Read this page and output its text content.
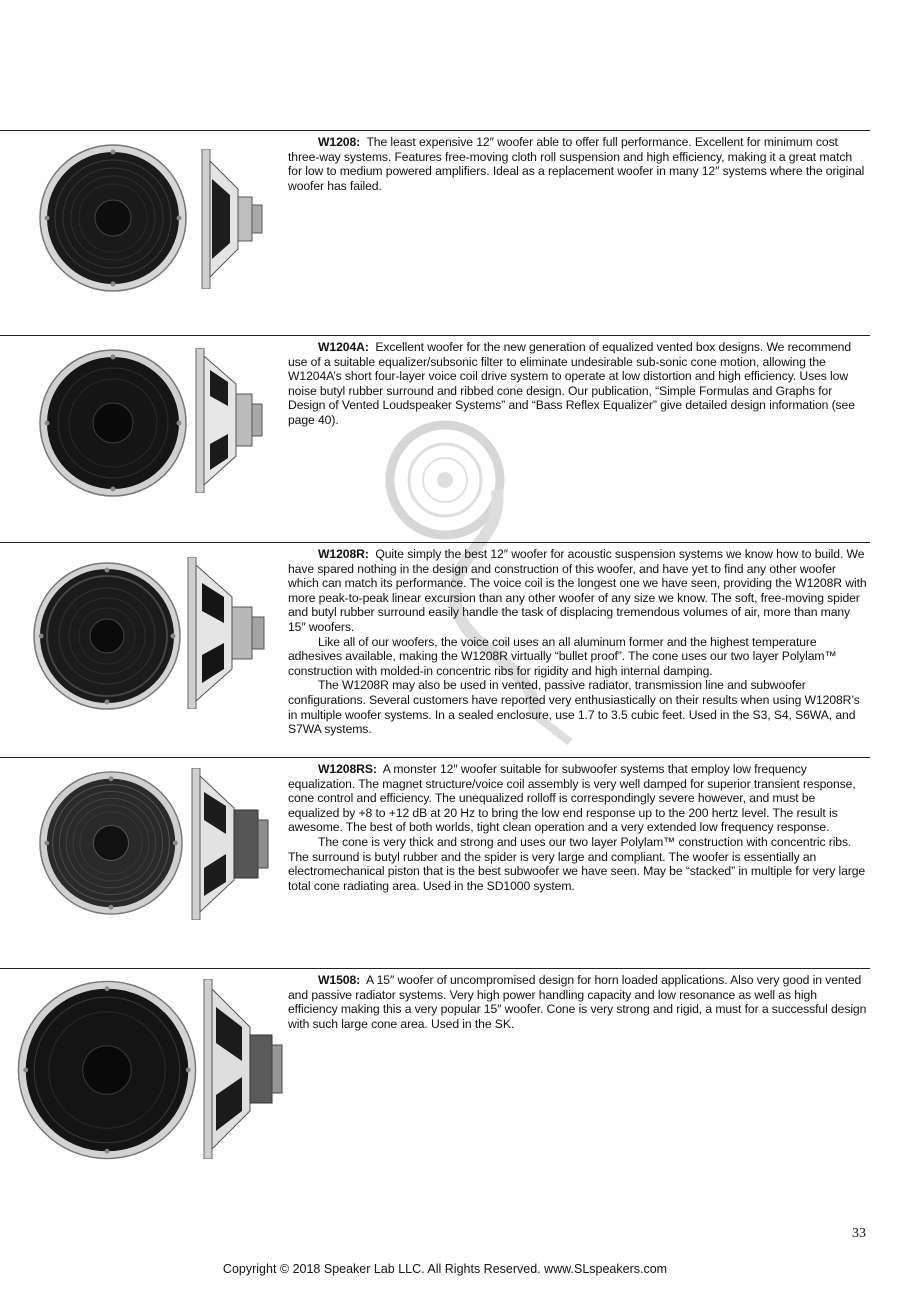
W1208: The least expensive 12″ woofer able to offer full performance. Excellent for minimum cost three-way systems. Features free-moving cloth roll suspension and high efficiency, making it a great match for low to medium powered amplifiers. Ideal as a replacement woofer in many 12″ systems where the original woofer has failed.

W1204A: Excellent woofer for the new generation of equalized vented box designs. We recommend use of a suitable equalizer/subsonic filter to eliminate undesirable sub-sonic cone motion, allowing the W1204A’s short four-layer voice coil drive system to operate at low distortion and high efficiency. Uses low noise butyl rubber surround and ribbed cone design. Our publication, “Simple Formulas and Graphs for Design of Vented Loudspeaker Systems” and “Bass Reflex Equalizer” give detailed design information (see page 40).

W1208R: Quite simply the best 12″ woofer for acoustic suspension systems we know how to build. We have spared nothing in the design and construction of this woofer, and have yet to find any other woofer which can match its performance. The voice coil is the longest one we have seen, providing the W1208R with more peak-to-peak linear excursion than any other woofer of any size we know. The soft, free-moving spider and butyl rubber surround easily handle the task of displacing tremendous volumes of air, more than many 15″ woofers.

Like all of our woofers, the voice coil uses an all aluminum former and the highest temperature adhesives available, making the W1208R virtually “bullet proof”. The cone uses our two layer Polylam™ construction with molded-in concentric ribs for rigidity and high internal damping.

The W1208R may also be used in vented, passive radiator, transmission line and subwoofer configurations. Several customers have reported very enthusiastically on their results when using W1208R’s in multiple woofer systems. In a sealed enclosure, use 1.7 to 3.5 cubic feet. Used in the S3, S4, S6WA, and S7WA systems.

W1208RS: A monster 12″ woofer suitable for subwoofer systems that employ low frequency equalization. The magnet structure/voice coil assembly is very well damped for superior transient response, cone control and efficiency. The unequalized rolloff is correspondingly severe however, and must be equalized by +8 to +12 dB at 20 Hz to bring the low end response up to the 200 hertz level. The result is awesome. The best of both worlds, tight clean operation and a very extended low frequency response.

The cone is very thick and strong and uses our two layer Polylam™ construction with concentric ribs. The surround is butyl rubber and the spider is very large and compliant. The woofer is essentially an electromechanical piston that is the best subwoofer we have seen. May be “stacked” in multiple for very large total cone radiating area. Used in the SD1000 system.

W1508: A 15″ woofer of uncompromised design for horn loaded applications. Also very good in vented and passive radiator systems. Very high power handling capacity and low resonance as well as high efficiency making this a very popular 15″ woofer. Cone is very strong and rigid, a must for a successful design with such large cone area. Used in the SK.

33
Copyright © 2018 Speaker Lab LLC. All Rights Reserved. www.SLspeakers.com
